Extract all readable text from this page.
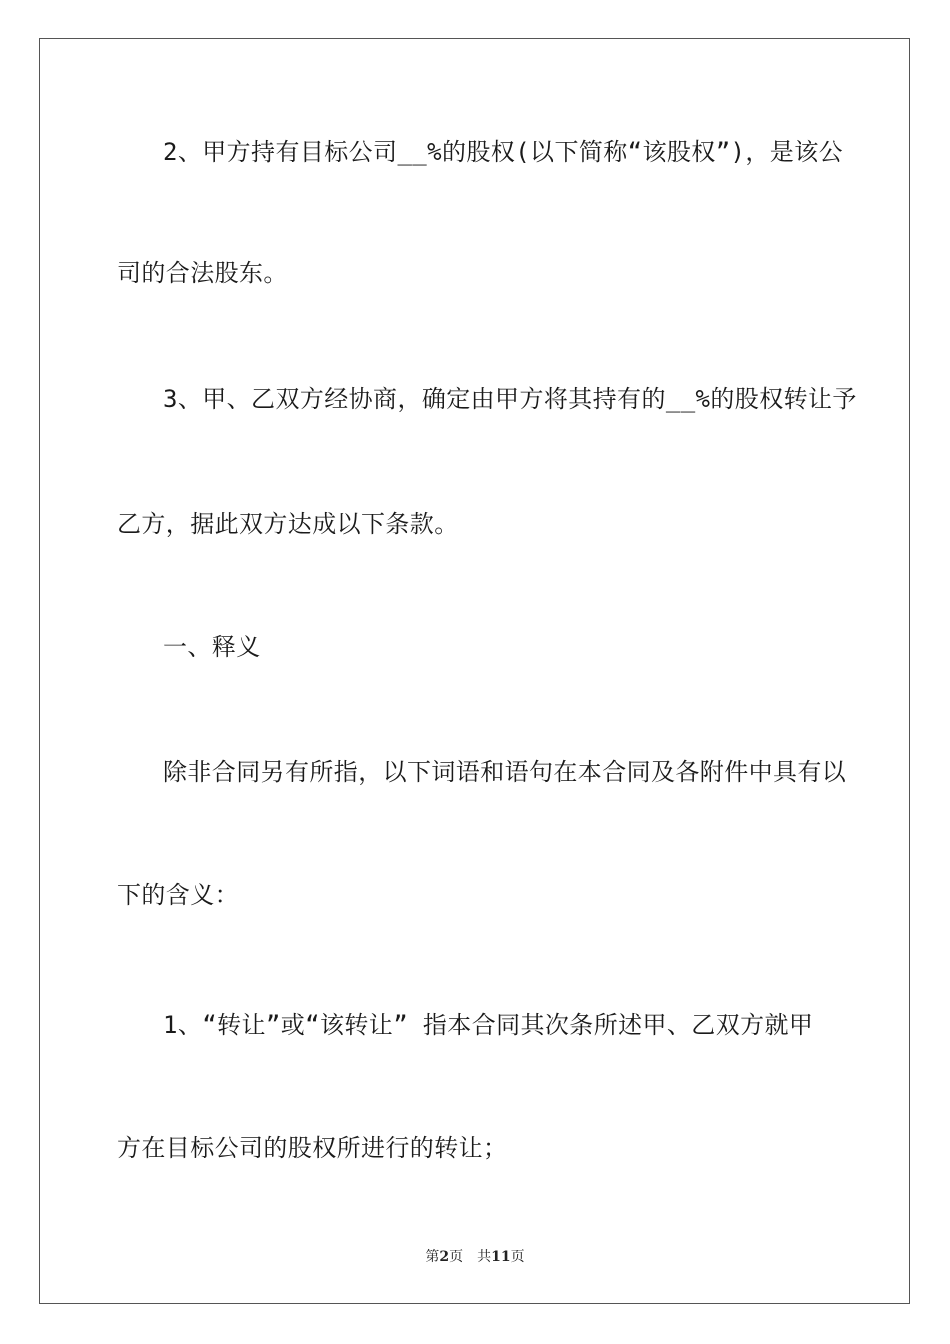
2、甲方持有目标公司__%的股权(以下简称“该股权”)，是该公
司的合法股东。
3、甲、乙双方经协商，确定由甲方将其持有的__%的股权转让予
乙方，据此双方达成以下条款。
一、释义
除非合同另有所指，以下词语和语句在本合同及各附件中具有以
下的含义：
1、“转让”或“该转让” 指本合同其次条所述甲、乙双方就甲
方在目标公司的股权所进行的转让；
第2页 共11页
